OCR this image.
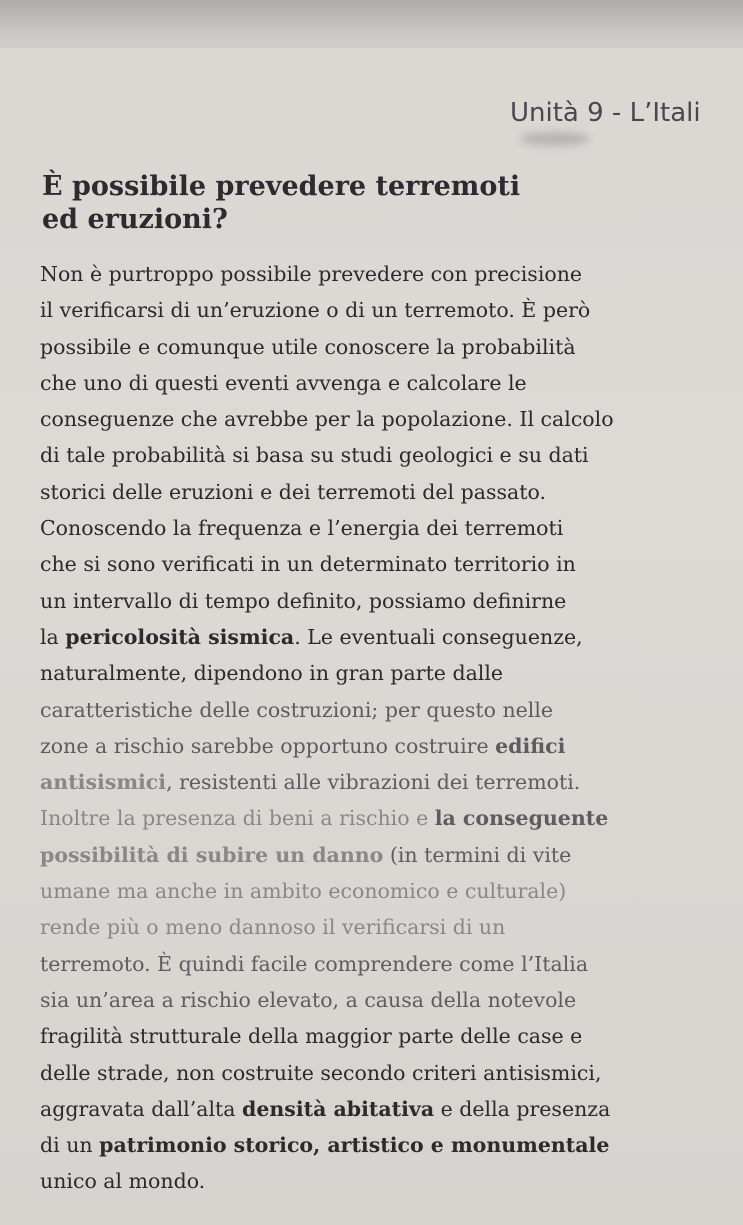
Unità 9 - L’Itali
È possibile prevedere terremoti
ed eruzioni?
Non è purtroppo possibile prevedere con precisione
il verificarsi di un’eruzione o di un terremoto. È però
possibile e comunque utile conoscere la probabilità
che uno di questi eventi avvenga e calcolare le
conseguenze che avrebbe per la popolazione. Il calcolo
di tale probabilità si basa su studi geologici e su dati
storici delle eruzioni e dei terremoti del passato.
Conoscendo la frequenza e l’energia dei terremoti
che si sono verificati in un determinato territorio in
un intervallo di tempo definito, possiamo definirne
la pericolosità sismica. Le eventuali conseguenze,
naturalmente, dipendono in gran parte dalle
caratteristiche delle costruzioni; per questo nelle
zone a rischio sarebbe opportuno costruire edifici
antisismici, resistenti alle vibrazioni dei terremoti.
Inoltre la presenza di beni a rischio e la conseguente
possibilità di subire un danno (in termini di vite
umane ma anche in ambito economico e culturale)
rende più o meno dannoso il verificarsi di un
terremoto. È quindi facile comprendere come l’Italia
sia un’area a rischio elevato, a causa della notevole
fragilità strutturale della maggior parte delle case e
delle strade, non costruite secondo criteri antisismici,
aggravata dall’alta densità abitativa e della presenza
di un patrimonio storico, artistico e monumentale
unico al mondo.
